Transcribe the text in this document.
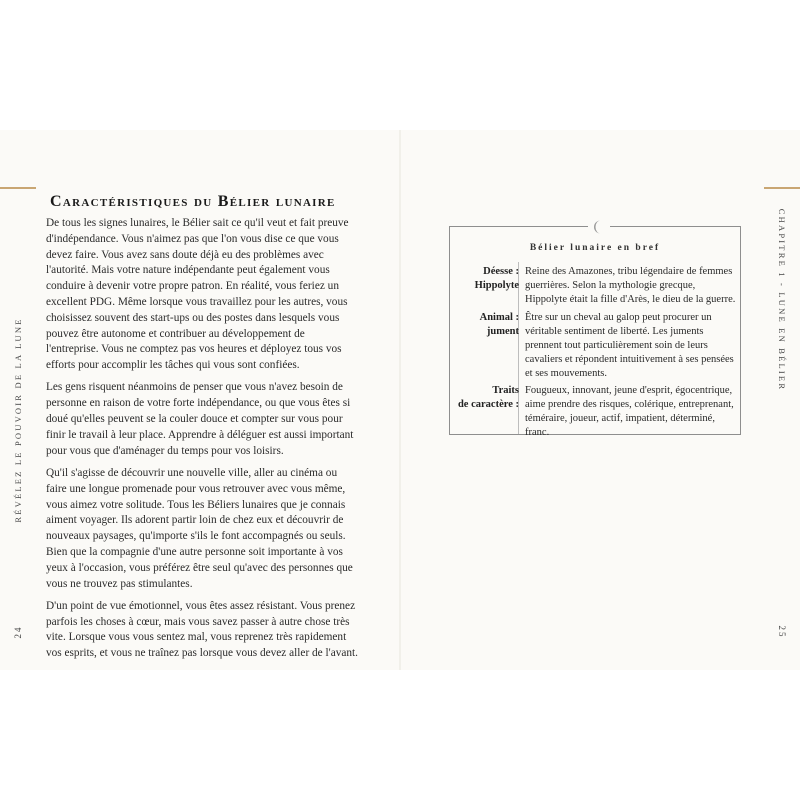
RÉVÉLEZ LE POUVOIR DE LA LUNE
CHAPITRE 1 - LUNE EN BÉLIER
24	25
Caractéristiques du Bélier lunaire

De tous les signes lunaires, le Bélier sait ce qu'il veut et fait preuve d'indépendance. Vous n'aimez pas que l'on vous dise ce que vous devez faire. Vous avez sans doute déjà eu des problèmes avec l'autorité. Mais votre nature indépendante peut également vous conduire à devenir votre propre patron. En réalité, vous feriez un excellent PDG. Même lorsque vous travaillez pour les autres, vous choisissez souvent des start-ups ou des postes dans lesquels vous pouvez être autonome et contribuer au développement de l'entreprise. Vous ne comptez pas vos heures et déployez tous vos efforts pour accomplir les tâches qui vous sont confiées.

Les gens risquent néanmoins de penser que vous n'avez besoin de personne en raison de votre forte indépendance, ou que vous êtes si doué qu'elles peuvent se la couler douce et compter sur vous pour finir le travail à leur place. Apprendre à déléguer est aussi important pour vous que d'aménager du temps pour vos loisirs.

Qu'il s'agisse de découvrir une nouvelle ville, aller au cinéma ou faire une longue promenade pour vous retrouver avec vous même, vous aimez votre solitude. Tous les Béliers lunaires que je connais aiment voyager. Ils adorent partir loin de chez eux et découvrir de nouveaux paysages, qu'importe s'ils le font accompagnés ou seuls. Bien que la compagnie d'une autre personne soit importante à vos yeux à l'occasion, vous préférez être seul qu'avec des personnes que vous ne trouvez pas stimulantes.

D'un point de vue émotionnel, vous êtes assez résistant. Vous prenez parfois les choses à cœur, mais vous savez passer à autre chose très vite. Lorsque vous vous sentez mal, vous reprenez très rapidement vos esprits, et vous ne traînez pas lorsque vous devez aller de l'avant.

Bélier lunaire en bref
Déesse :
Hippolyte
Reine des Amazones, tribu légendaire de femmes guerrières. Selon la mythologie grecque, Hippolyte était la fille d'Arès, le dieu de la guerre.
Animal :
jument
Être sur un cheval au galop peut procurer un véritable sentiment de liberté. Les juments prennent tout particulièrement soin de leurs cavaliers et répondent intuitivement à ses pensées et ses mouvements.
Traits
de caractère :
Fougueux, innovant, jeune d'esprit, égocentrique, aime prendre des risques, colérique, entreprenant, téméraire, joueur, actif, impatient, déterminé, franc.
